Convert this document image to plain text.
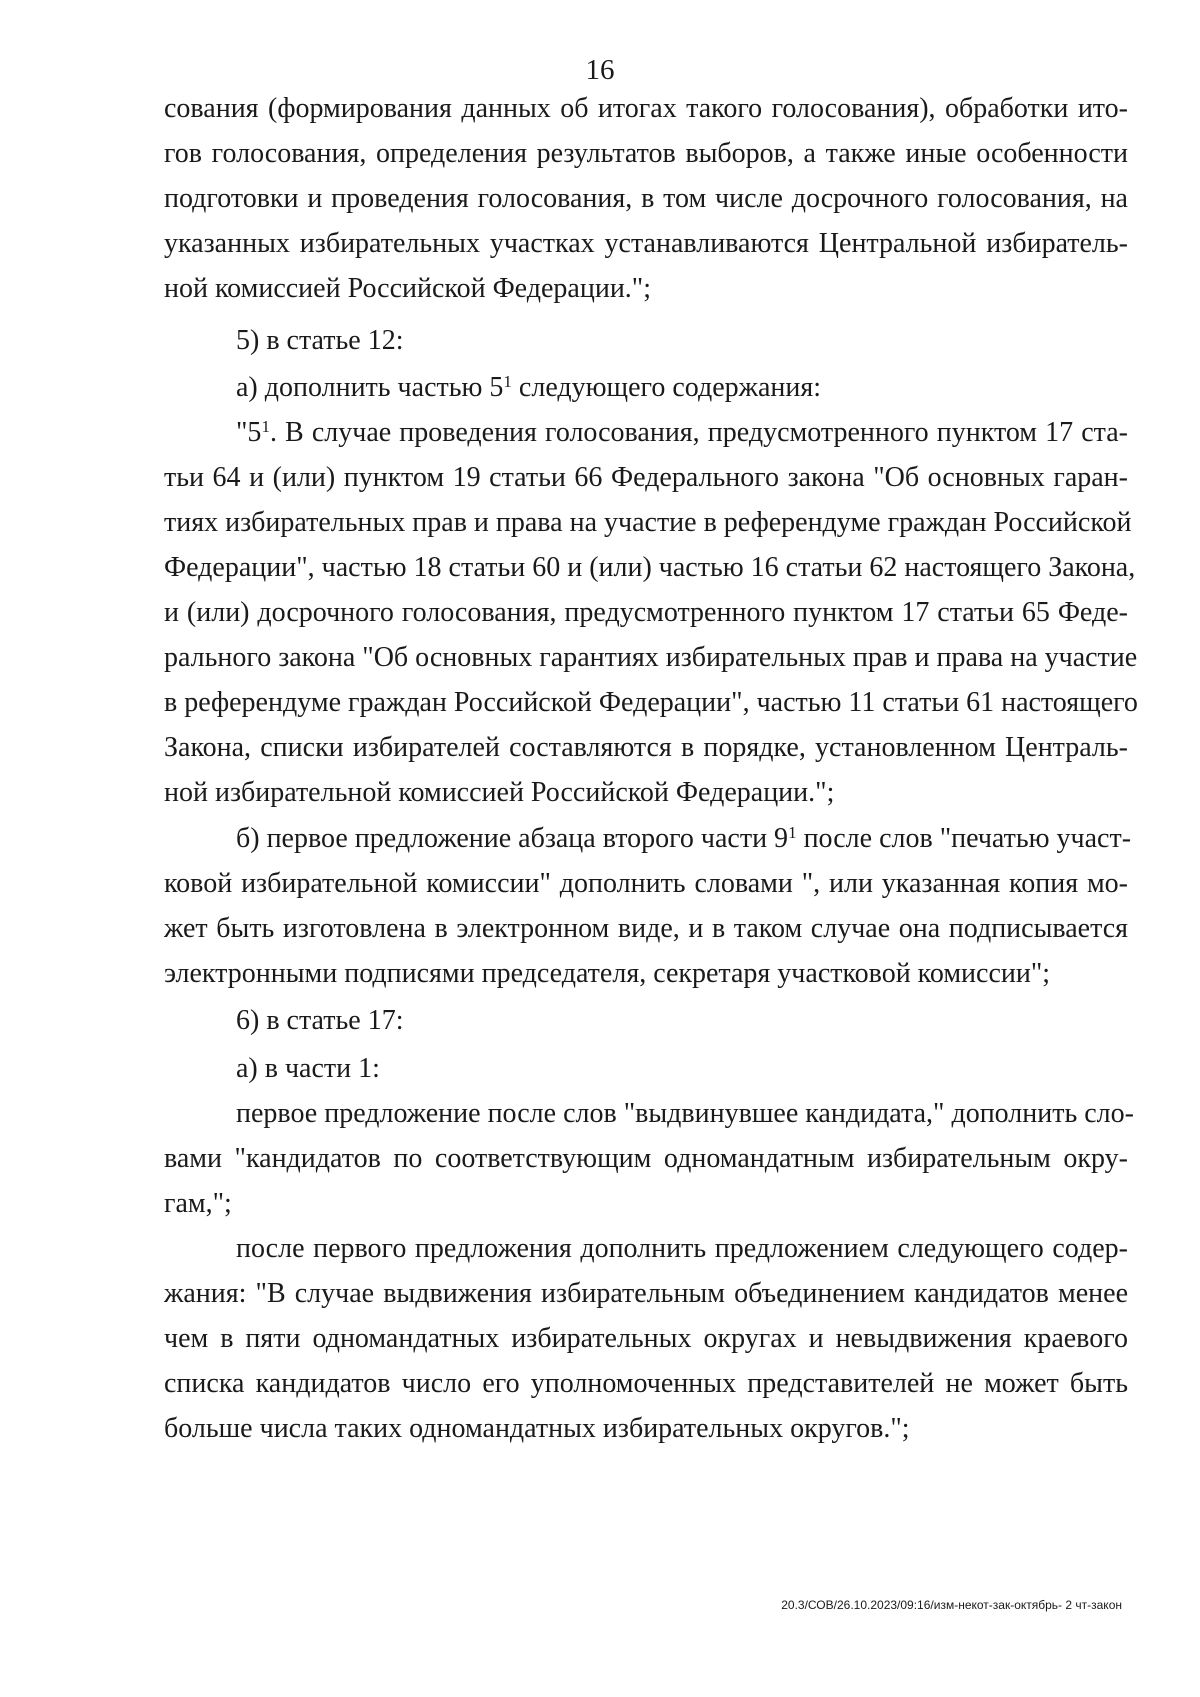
16
сования (формирования данных об итогах такого голосования), обработки ито-
гов голосования, определения результатов выборов, а также иные особенности
подготовки и проведения голосования, в том числе досрочного голосования, на
указанных избирательных участках устанавливаются Центральной избиратель-
ной комиссией Российской Федерации.";
5) в статье 12:
а) дополнить частью $5^1$ следующего содержания:
"$5^1$. В случае проведения голосования, предусмотренного пунктом 17 ста-
тьи 64 и (или) пунктом 19 статьи 66 Федерального закона "Об основных гаран-
тиях избирательных прав и права на участие в референдуме граждан Российской
Федерации", частью 18 статьи 60 и (или) частью 16 статьи 62 настоящего Закона,
и (или) досрочного голосования, предусмотренного пунктом 17 статьи 65 Феде-
рального закона "Об основных гарантиях избирательных прав и права на участие
в референдуме граждан Российской Федерации", частью 11 статьи 61 настоящего
Закона, списки избирателей составляются в порядке, установленном Централь-
ной избирательной комиссией Российской Федерации.";
б) первое предложение абзаца второго части $9^1$ после слов "печатью участ-
ковой избирательной комиссии" дополнить словами ", или указанная копия мо-
жет быть изготовлена в электронном виде, и в таком случае она подписывается
электронными подписями председателя, секретаря участковой комиссии";
6) в статье 17:
а) в части 1:
первое предложение после слов "выдвинувшее кандидата," дополнить сло-
вами "кандидатов по соответствующим одномандатным избирательным окру-
гам,";
после первого предложения дополнить предложением следующего содер-
жания: "В случае выдвижения избирательным объединением кандидатов менее
чем в пяти одномандатных избирательных округах и невыдвижения краевого
списка кандидатов число его уполномоченных представителей не может быть
больше числа таких одномандатных избирательных округов.";
20.3/СОВ/26.10.2023/09:16/изм-некот-зак-октябрь- 2 чт-закон
